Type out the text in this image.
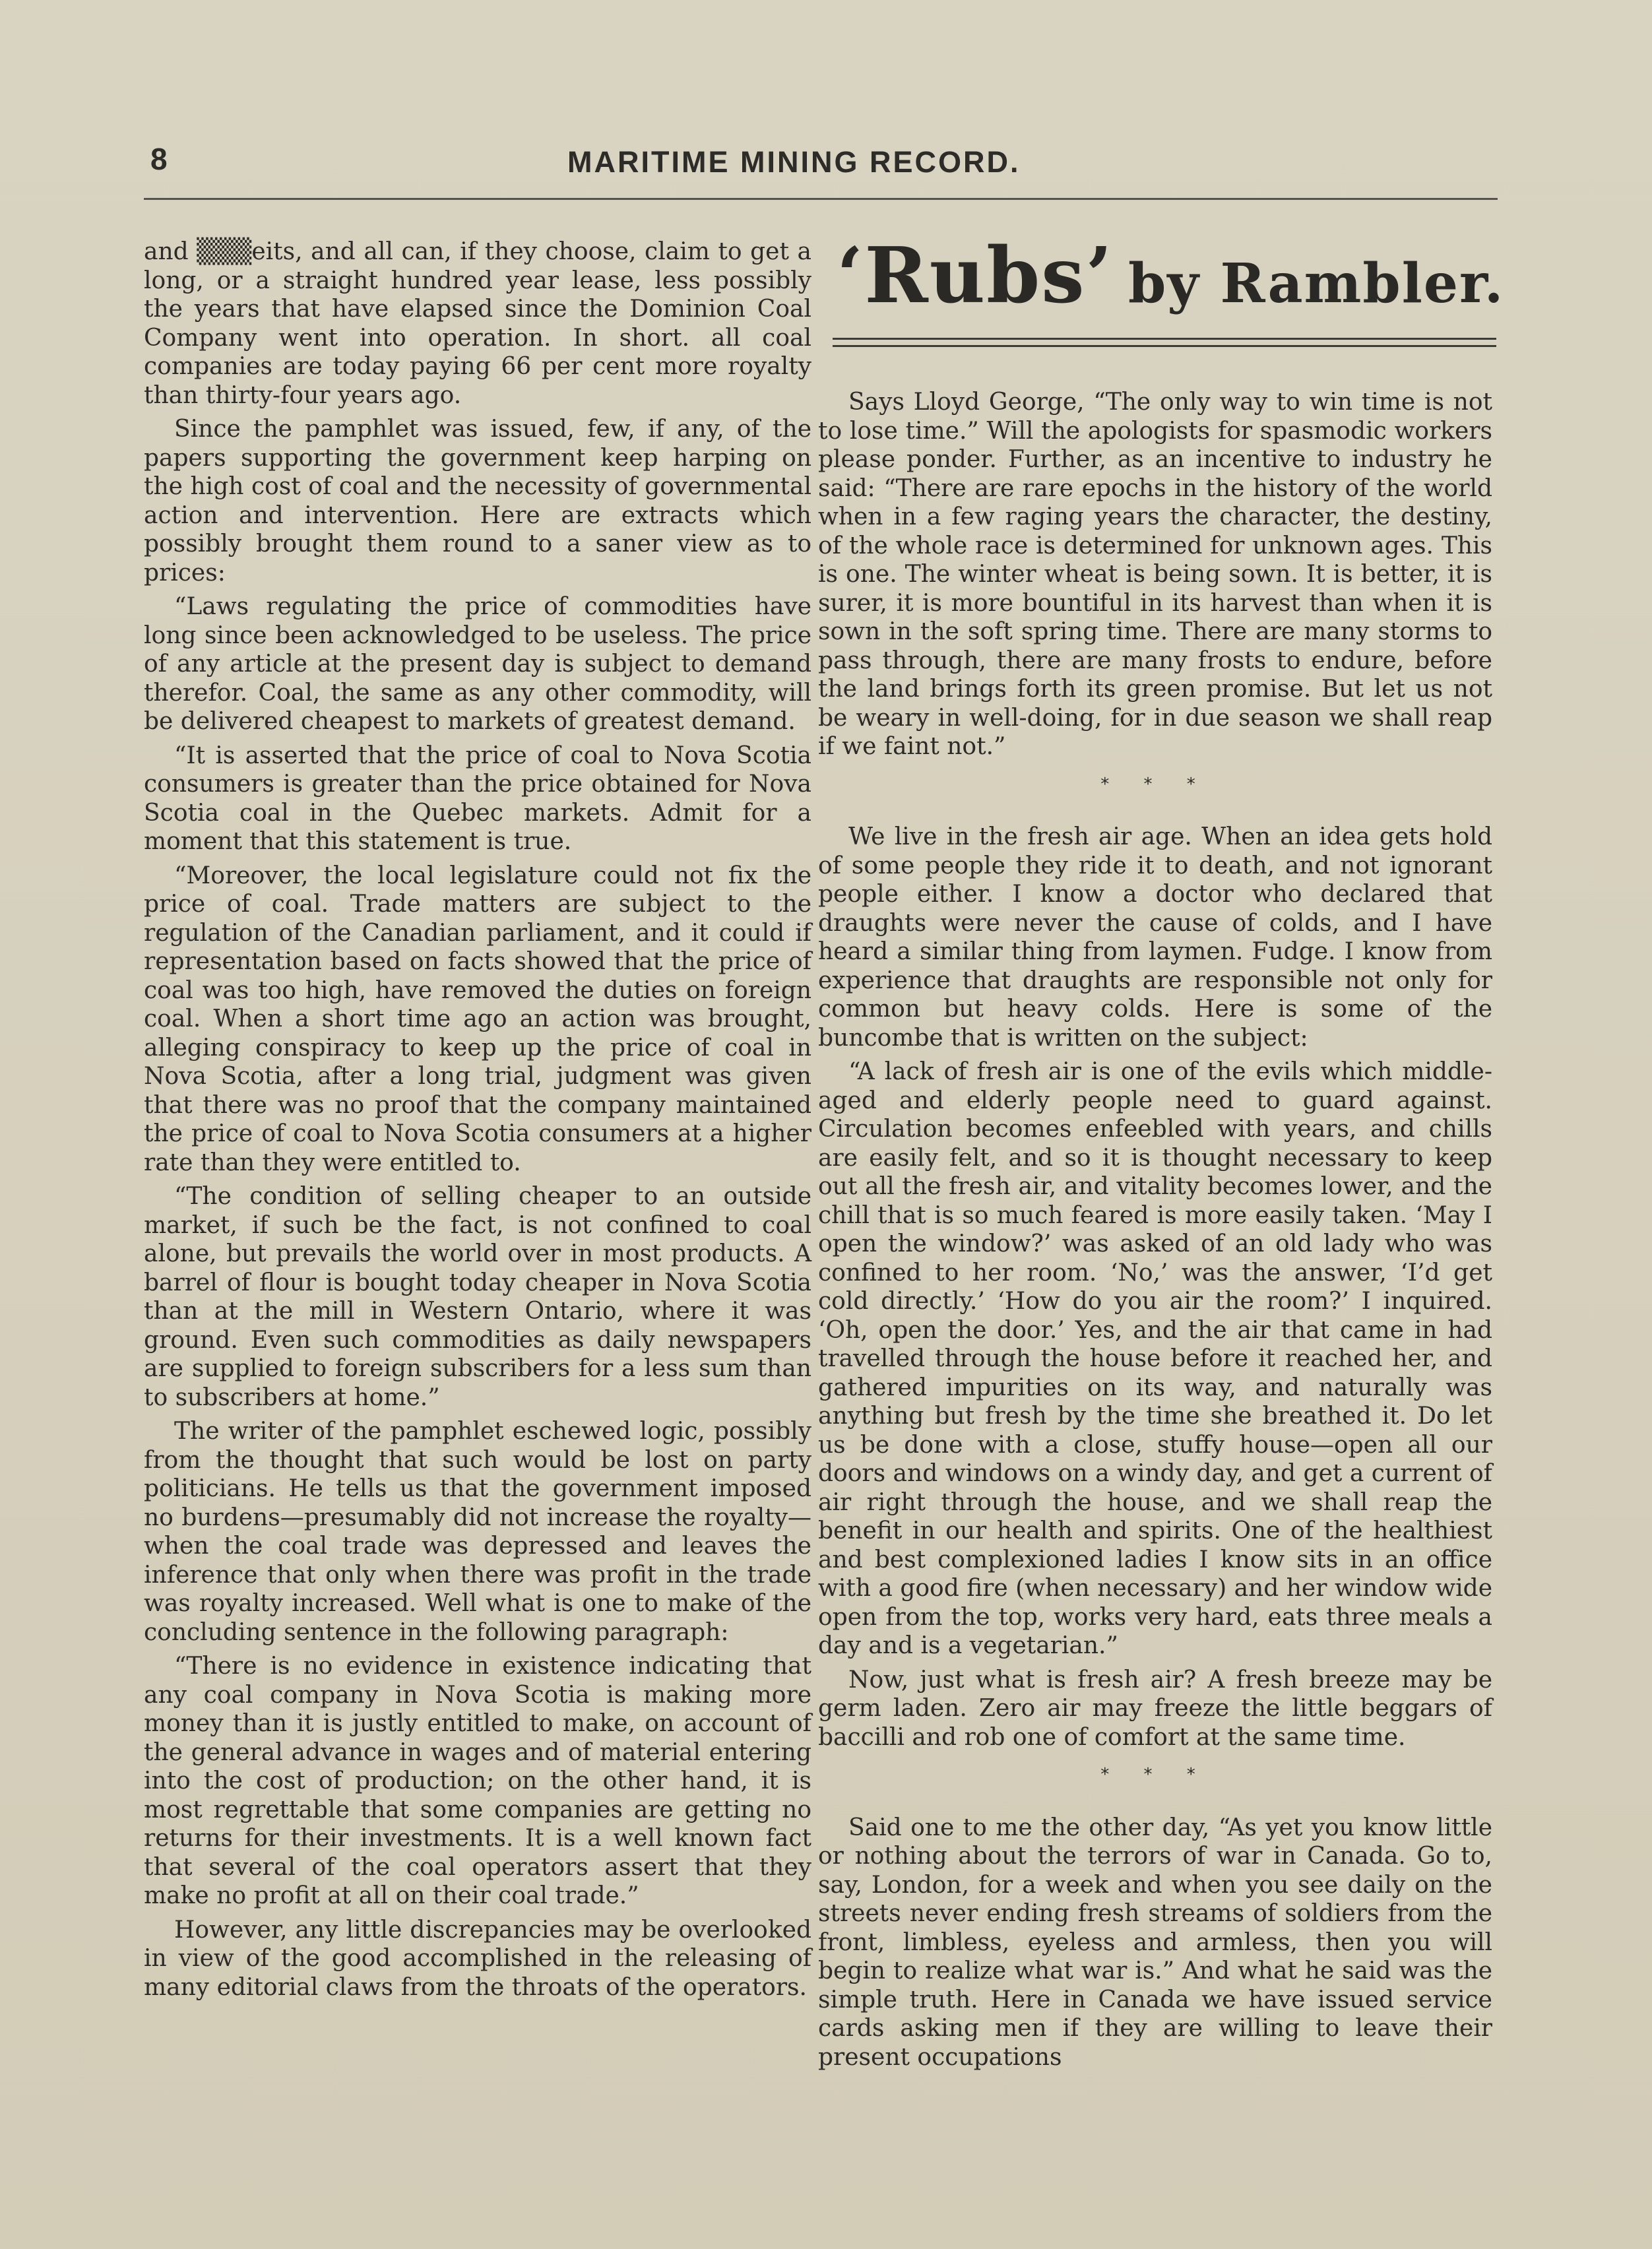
8	MARITIME MINING RECORD.

and ▒▒▒eits, and all can, if they choose, claim to get a long, or a straight hundred year lease, less possibly the years that have elapsed since the Dominion Coal Company went into operation. In short. all coal companies are today paying 66 per cent more royalty than thirty-four years ago.

Since the pamphlet was issued, few, if any, of the papers supporting the government keep harping on the high cost of coal and the necessity of governmental action and intervention. Here are extracts which possibly brought them round to a saner view as to prices:

“Laws regulating the price of commodities have long since been acknowledged to be useless. The price of any article at the present day is subject to demand therefor. Coal, the same as any other commodity, will be delivered cheapest to markets of greatest demand.

“It is asserted that the price of coal to Nova Scotia consumers is greater than the price obtained for Nova Scotia coal in the Quebec markets. Admit for a moment that this statement is true.

“Moreover, the local legislature could not fix the price of coal. Trade matters are subject to the regulation of the Canadian parliament, and it could if representation based on facts showed that the price of coal was too high, have removed the duties on foreign coal. When a short time ago an action was brought, alleging conspiracy to keep up the price of coal in Nova Scotia, after a long trial, judgment was given that there was no proof that the company maintained the price of coal to Nova Scotia consumers at a higher rate than they were entitled to.

“The condition of selling cheaper to an outside market, if such be the fact, is not confined to coal alone, but prevails the world over in most products. A barrel of flour is bought today cheaper in Nova Scotia than at the mill in Western Ontario, where it was ground. Even such commodities as daily newspapers are supplied to foreign subscribers for a less sum than to subscribers at home.”

The writer of the pamphlet eschewed logic, possibly from the thought that such would be lost on party politicians. He tells us that the government imposed no burdens—presumably did not increase the royalty—when the coal trade was depressed and leaves the inference that only when there was profit in the trade was royalty increased. Well what is one to make of the concluding sentence in the following paragraph:

“There is no evidence in existence indicating that any coal company in Nova Scotia is making more money than it is justly entitled to make, on account of the general advance in wages and of material entering into the cost of production; on the other hand, it is most regrettable that some companies are getting no returns for their investments. It is a well known fact that several of the coal operators assert that they make no profit at all on their coal trade.”

However, any little discrepancies may be overlooked in view of the good accomplished in the releasing of many editorial claws from the throats of the operators.

‘Rubs’ by Rambler.

Says Lloyd George, “The only way to win time is not to lose time.” Will the apologists for spasmodic workers please ponder. Further, as an incentive to industry he said: “There are rare epochs in the history of the world when in a few raging years the character, the destiny, of the whole race is determined for unknown ages. This is one. The winter wheat is being sown. It is better, it is surer, it is more bountiful in its harvest than when it is sown in the soft spring time. There are many storms to pass through, there are many frosts to endure, before the land brings forth its green promise. But let us not be weary in well-doing, for in due season we shall reap if we faint not.”

* * *

We live in the fresh air age. When an idea gets hold of some people they ride it to death, and not ignorant people either. I know a doctor who declared that draughts were never the cause of colds, and I have heard a similar thing from laymen. Fudge. I know from experience that draughts are responsible not only for common but heavy colds. Here is some of the buncombe that is written on the subject:

“A lack of fresh air is one of the evils which middle-aged and elderly people need to guard against. Circulation becomes enfeebled with years, and chills are easily felt, and so it is thought necessary to keep out all the fresh air, and vitality becomes lower, and the chill that is so much feared is more easily taken. ‘May I open the window?’ was asked of an old lady who was confined to her room. ‘No,’ was the answer, ‘I’d get cold directly.’ ‘How do you air the room?’ I inquired. ‘Oh, open the door.’ Yes, and the air that came in had travelled through the house before it reached her, and gathered impurities on its way, and naturally was anything but fresh by the time she breathed it. Do let us be done with a close, stuffy house—open all our doors and windows on a windy day, and get a current of air right through the house, and we shall reap the benefit in our health and spirits. One of the healthiest and best complexioned ladies I know sits in an office with a good fire (when necessary) and her window wide open from the top, works very hard, eats three meals a day and is a vegetarian.”

Now, just what is fresh air? A fresh breeze may be germ laden. Zero air may freeze the little beggars of baccilli and rob one of comfort at the same time.

* * *

Said one to me the other day, “As yet you know little or nothing about the terrors of war in Canada. Go to, say, London, for a week and when you see daily on the streets never ending fresh streams of soldiers from the front, limbless, eyeless and armless, then you will begin to realize what war is.” And what he said was the simple truth. Here in Canada we have issued service cards asking men if they are willing to leave their present occupations
